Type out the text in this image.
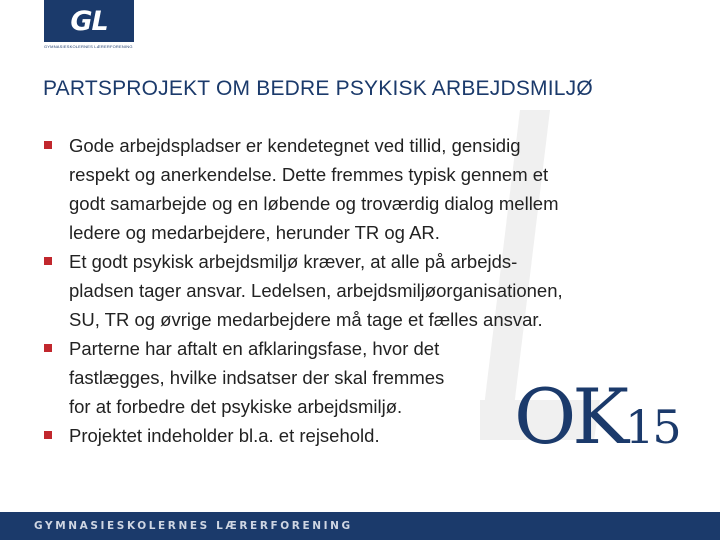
GL
GYMNASIESKOLERNES LÆRERFORENING
PARTSPROJEKT OM BEDRE PSYKISK ARBEJDSMILJØ
Gode arbejdspladser er kendetegnet ved tillid, gensidig
respekt og anerkendelse. Dette fremmes typisk gennem et
godt samarbejde og en løbende og troværdig dialog mellem
ledere og medarbejdere, herunder TR og AR.
Et godt psykisk arbejdsmiljø kræver, at alle på arbejds-
pladsen tager ansvar. Ledelsen, arbejdsmiljøorganisationen,
SU, TR og øvrige medarbejdere må tage et fælles ansvar.
Parterne har aftalt en afklaringsfase, hvor det
fastlægges, hvilke indsatser der skal fremmes
for at forbedre det psykiske arbejdsmiljø.
Projektet indeholder bl.a. et rejsehold.	OK15
GYMNASIESKOLERNES LÆRERFORENING
